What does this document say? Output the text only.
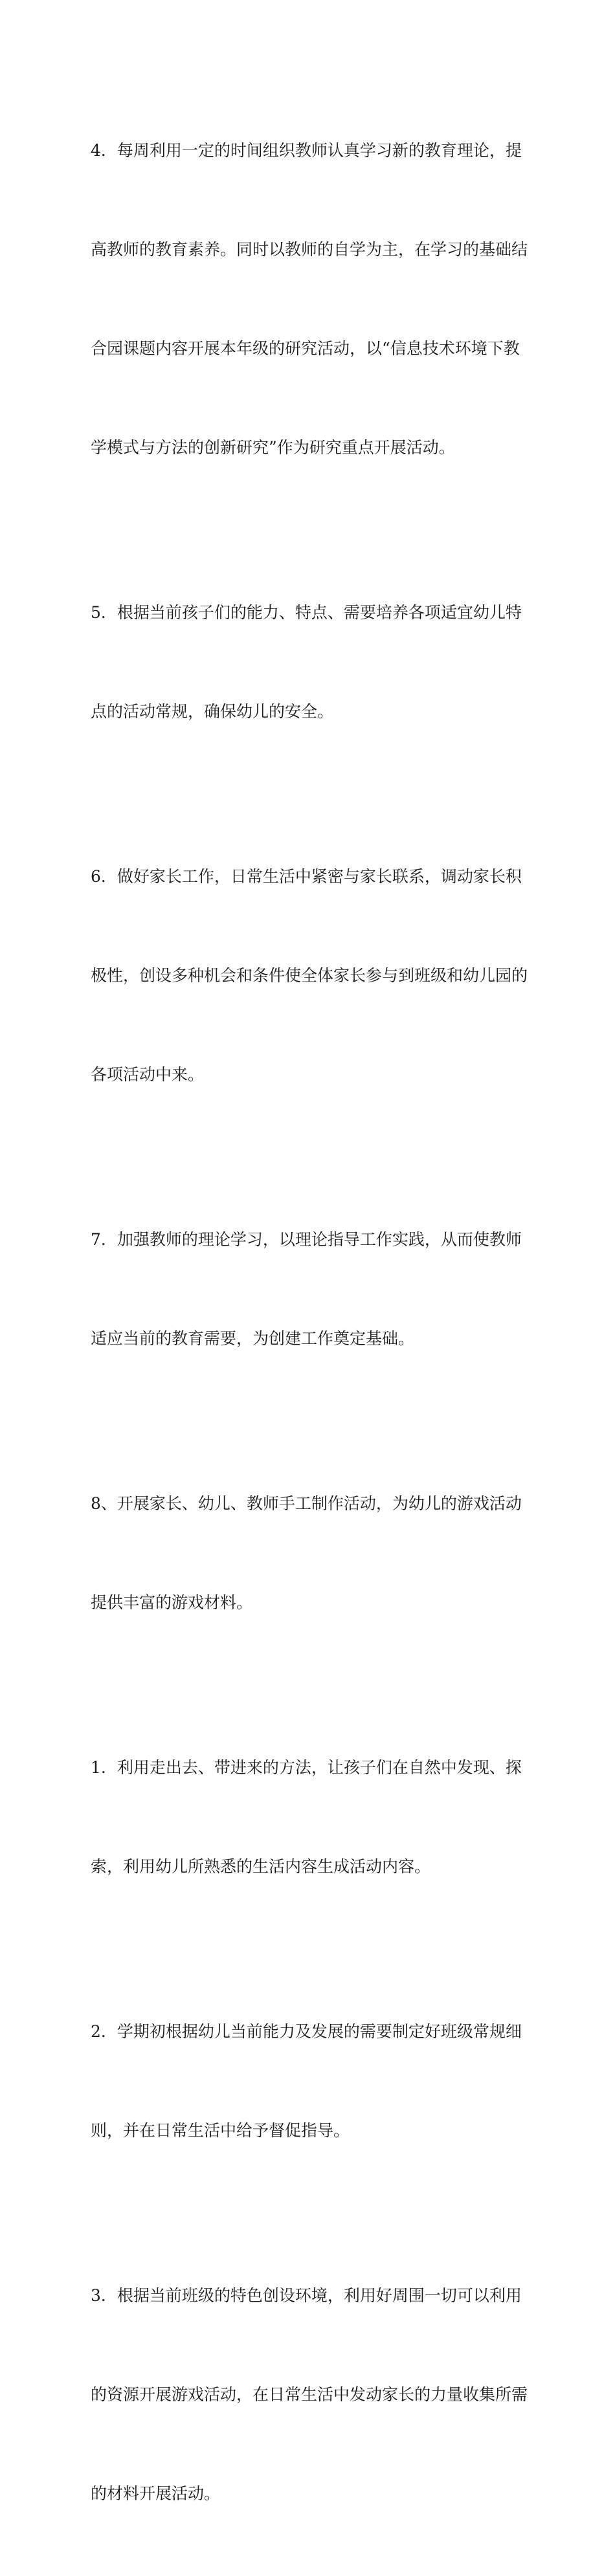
4．每周利用一定的时间组织教师认真学习新的教育理论，提

高教师的教育素养。同时以教师的自学为主，在学习的基础结

合园课题内容开展本年级的研究活动，以“信息技术环境下教

学模式与方法的创新研究”作为研究重点开展活动。

5．根据当前孩子们的能力、特点、需要培养各项适宜幼儿特

点的活动常规，确保幼儿的安全。

6．做好家长工作，日常生活中紧密与家长联系，调动家长积

极性，创设多种机会和条件使全体家长参与到班级和幼儿园的

各项活动中来。

7．加强教师的理论学习，以理论指导工作实践，从而使教师

适应当前的教育需要，为创建工作奠定基础。

8、开展家长、幼儿、教师手工制作活动，为幼儿的游戏活动

提供丰富的游戏材料。

1．利用走出去、带进来的方法，让孩子们在自然中发现、探

索，利用幼儿所熟悉的生活内容生成活动内容。

2．学期初根据幼儿当前能力及发展的需要制定好班级常规细

则，并在日常生活中给予督促指导。

3．根据当前班级的特色创设环境，利用好周围一切可以利用

的资源开展游戏活动，在日常生活中发动家长的力量收集所需

的材料开展活动。
